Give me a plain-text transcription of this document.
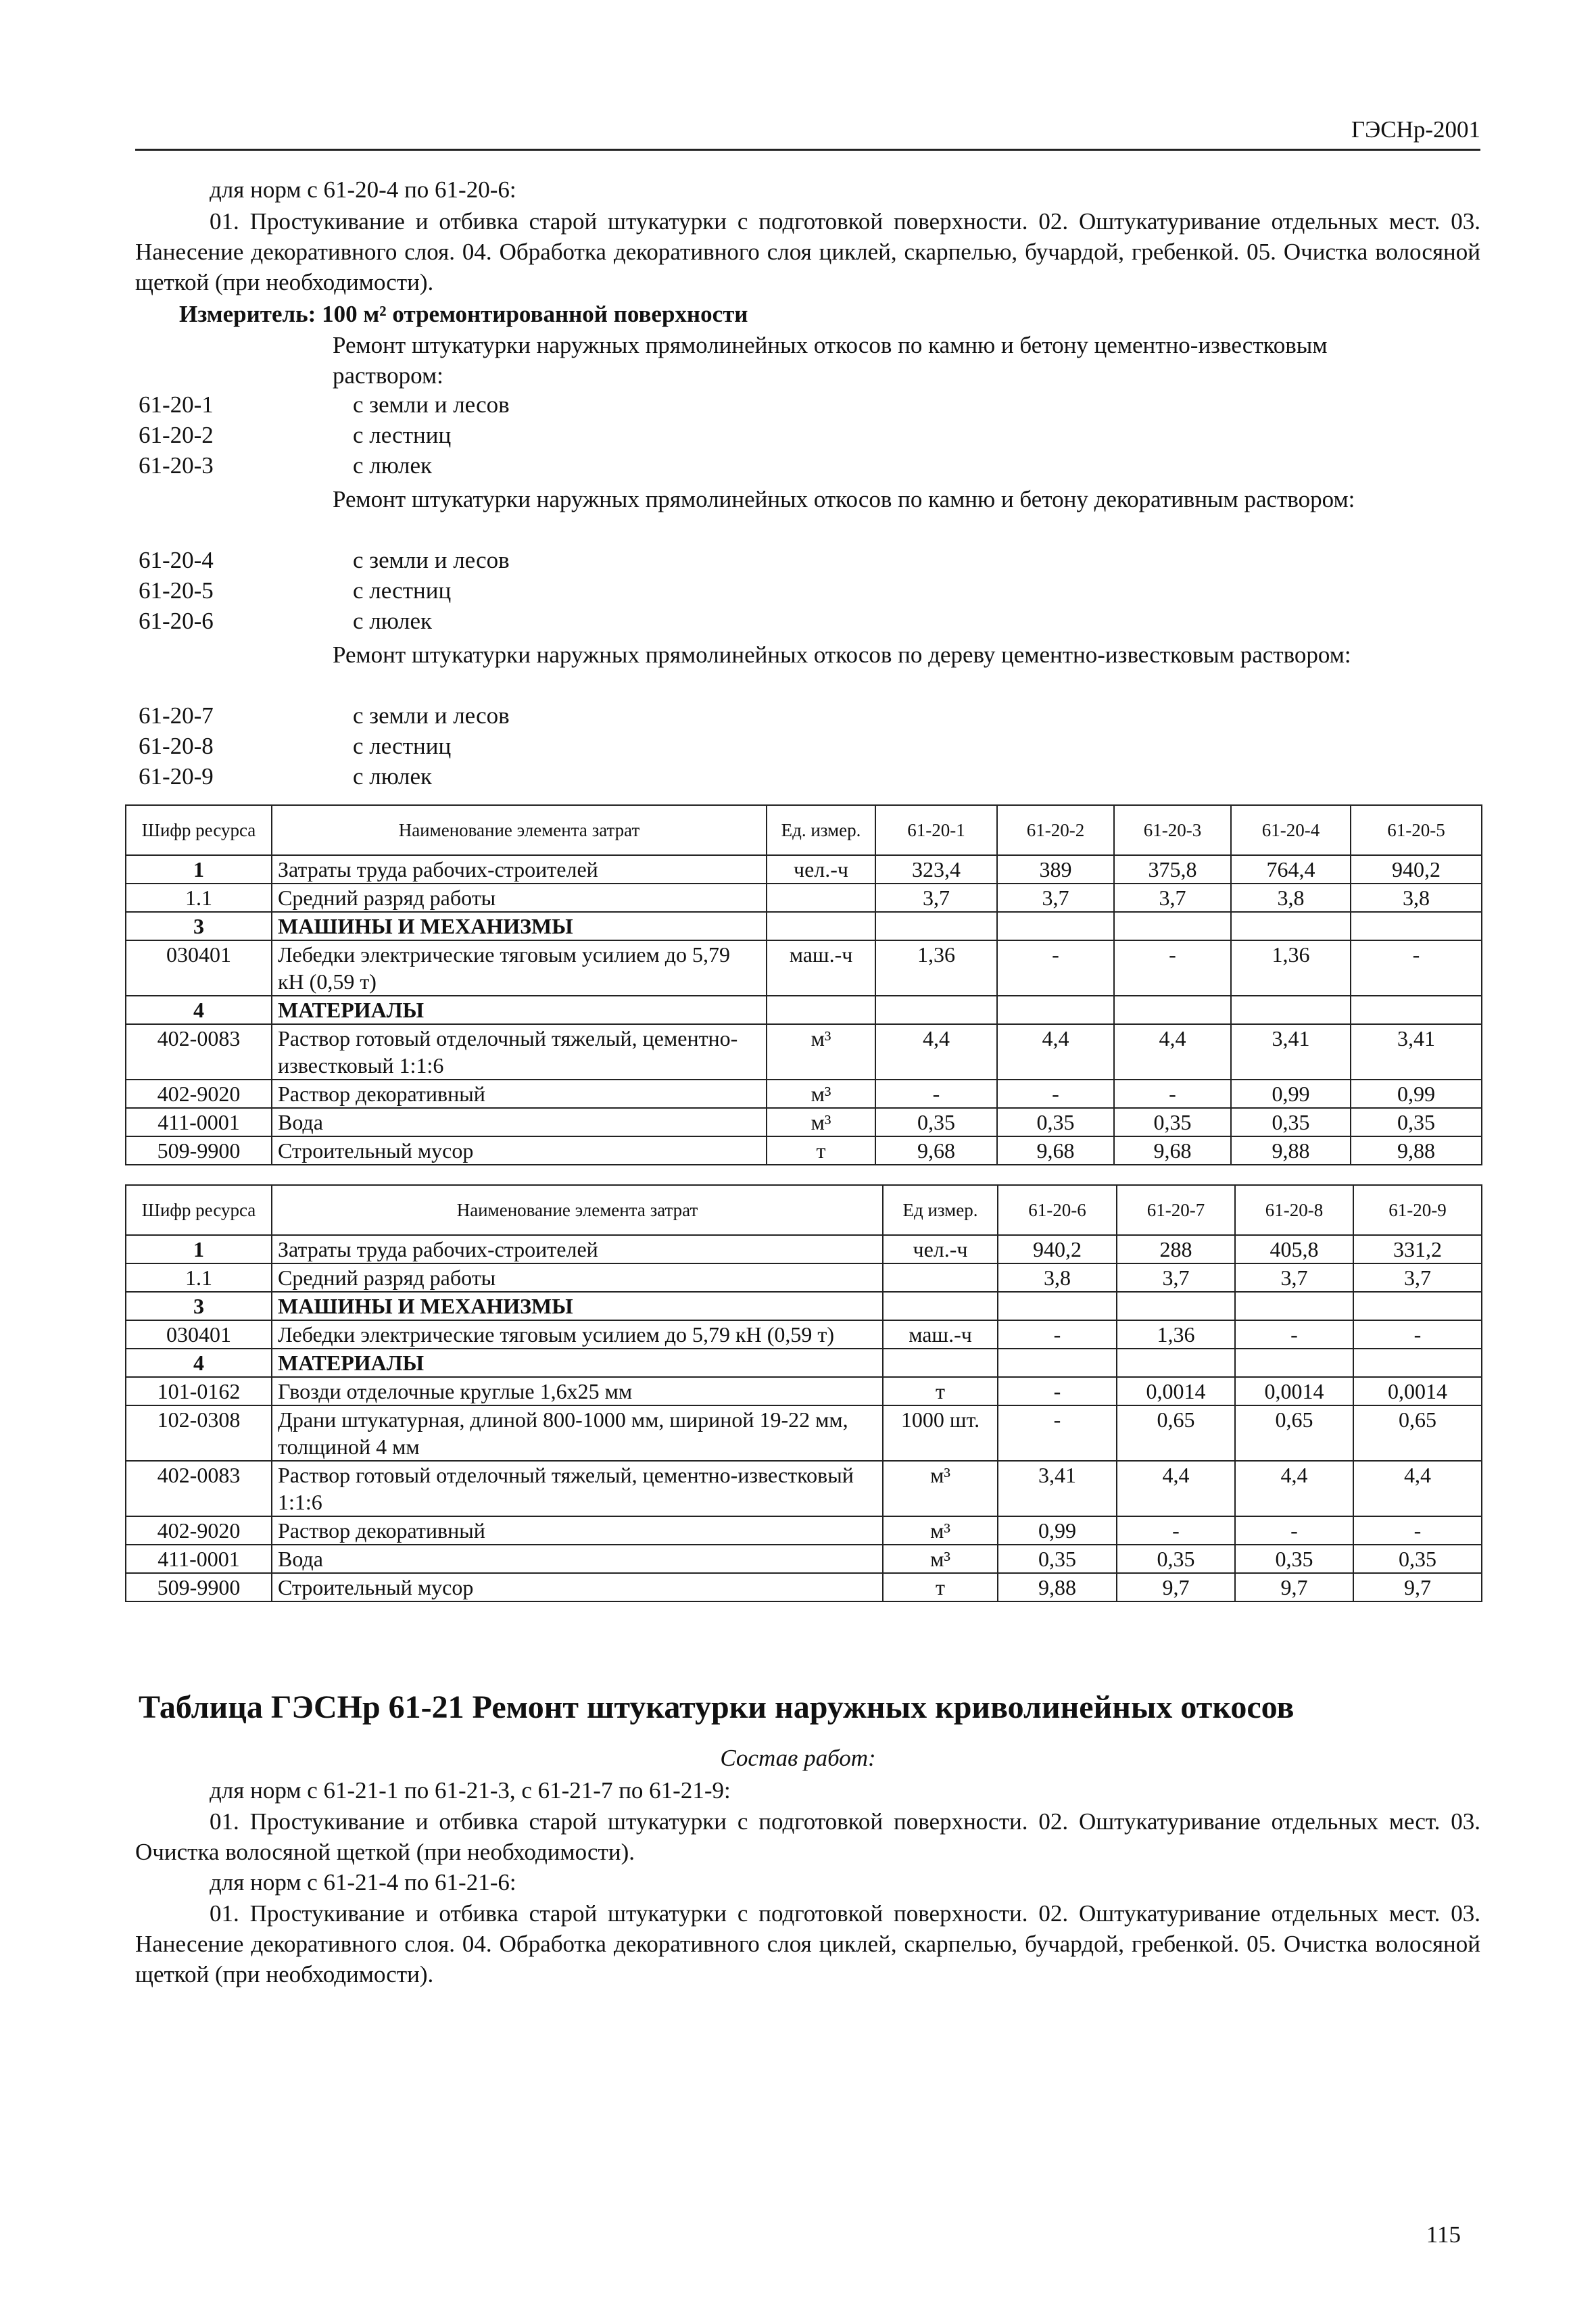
ГЭСНр-2001

для норм с 61-20-4 по 61-20-6:

01. Простукивание и отбивка старой штукатурки с подготовкой поверхности. 02. Оштукатуривание отдельных мест. 03. Нанесение декоративного слоя. 04. Обработка декоративного слоя циклей, скарпелью, бучардой, гребенкой. 05. Очистка волосяной щеткой (при необходимости).

Измеритель: 100 м² отремонтированной поверхности

Ремонт штукатурки наружных прямолинейных откосов по камню и бетону цементно-известковым раствором:
61-20-1	с земли и лесов
61-20-2	с лестниц
61-20-3	с люлек
Ремонт штукатурки наружных прямолинейных откосов по камню и бетону декоративным раствором:
61-20-4	с земли и лесов
61-20-5	с лестниц
61-20-6	с люлек
Ремонт штукатурки наружных прямолинейных откосов по дереву цементно-известковым раствором:
61-20-7	с земли и лесов
61-20-8	с лестниц
61-20-9	с люлек
Шифр ресурса	Наименование элемента затрат	Ед. измер.	61-20-1	61-20-2	61-20-3	61-20-4	61-20-5
1	Затраты труда рабочих-строителей	чел.-ч	323,4	389	375,8	764,4	940,2
1.1	Средний разряд работы		3,7	3,7	3,7	3,8	3,8
3	МАШИНЫ И МЕХАНИЗМЫ						
030401	Лебедки электрические тяговым усилием до 5,79 кН (0,59 т)	маш.-ч	1,36	-	-	1,36	-
4	МАТЕРИАЛЫ						
402-0083	Раствор готовый отделочный тяжелый, цементно-известковый 1:1:6	м³	4,4	4,4	4,4	3,41	3,41
402-9020	Раствор декоративный	м³	-	-	-	0,99	0,99
411-0001	Вода	м³	0,35	0,35	0,35	0,35	0,35
509-9900	Строительный мусор	т	9,68	9,68	9,68	9,88	9,88
Шифр ресурса	Наименование элемента затрат	Ед измер.	61-20-6	61-20-7	61-20-8	61-20-9
1	Затраты труда рабочих-строителей	чел.-ч	940,2	288	405,8	331,2
1.1	Средний разряд работы		3,8	3,7	3,7	3,7
3	МАШИНЫ И МЕХАНИЗМЫ					
030401	Лебедки электрические тяговым усилием до 5,79 кН (0,59 т)	маш.-ч	-	1,36	-	-
4	МАТЕРИАЛЫ					
101-0162	Гвозди отделочные круглые 1,6х25 мм	т	-	0,0014	0,0014	0,0014
102-0308	Драни штукатурная, длиной 800-1000 мм, шириной 19-22 мм, толщиной 4 мм	1000 шт.	-	0,65	0,65	0,65
402-0083	Раствор готовый отделочный тяжелый, цементно-известковый 1:1:6	м³	3,41	4,4	4,4	4,4
402-9020	Раствор декоративный	м³	0,99	-	-	-
411-0001	Вода	м³	0,35	0,35	0,35	0,35
509-9900	Строительный мусор	т	9,88	9,7	9,7	9,7
Таблица ГЭСНр 61-21 Ремонт штукатурки наружных криволинейных откосов

Состав работ:

для норм с 61-21-1 по 61-21-3, с 61-21-7 по 61-21-9:

01. Простукивание и отбивка старой штукатурки с подготовкой поверхности. 02. Оштукатуривание отдельных мест. 03. Очистка волосяной щеткой (при необходимости).

для норм с 61-21-4 по 61-21-6:

01. Простукивание и отбивка старой штукатурки с подготовкой поверхности. 02. Оштукатуривание отдельных мест. 03. Нанесение декоративного слоя. 04. Обработка декоративного слоя циклей, скарпелью, бучардой, гребенкой. 05. Очистка волосяной щеткой (при необходимости).

115
